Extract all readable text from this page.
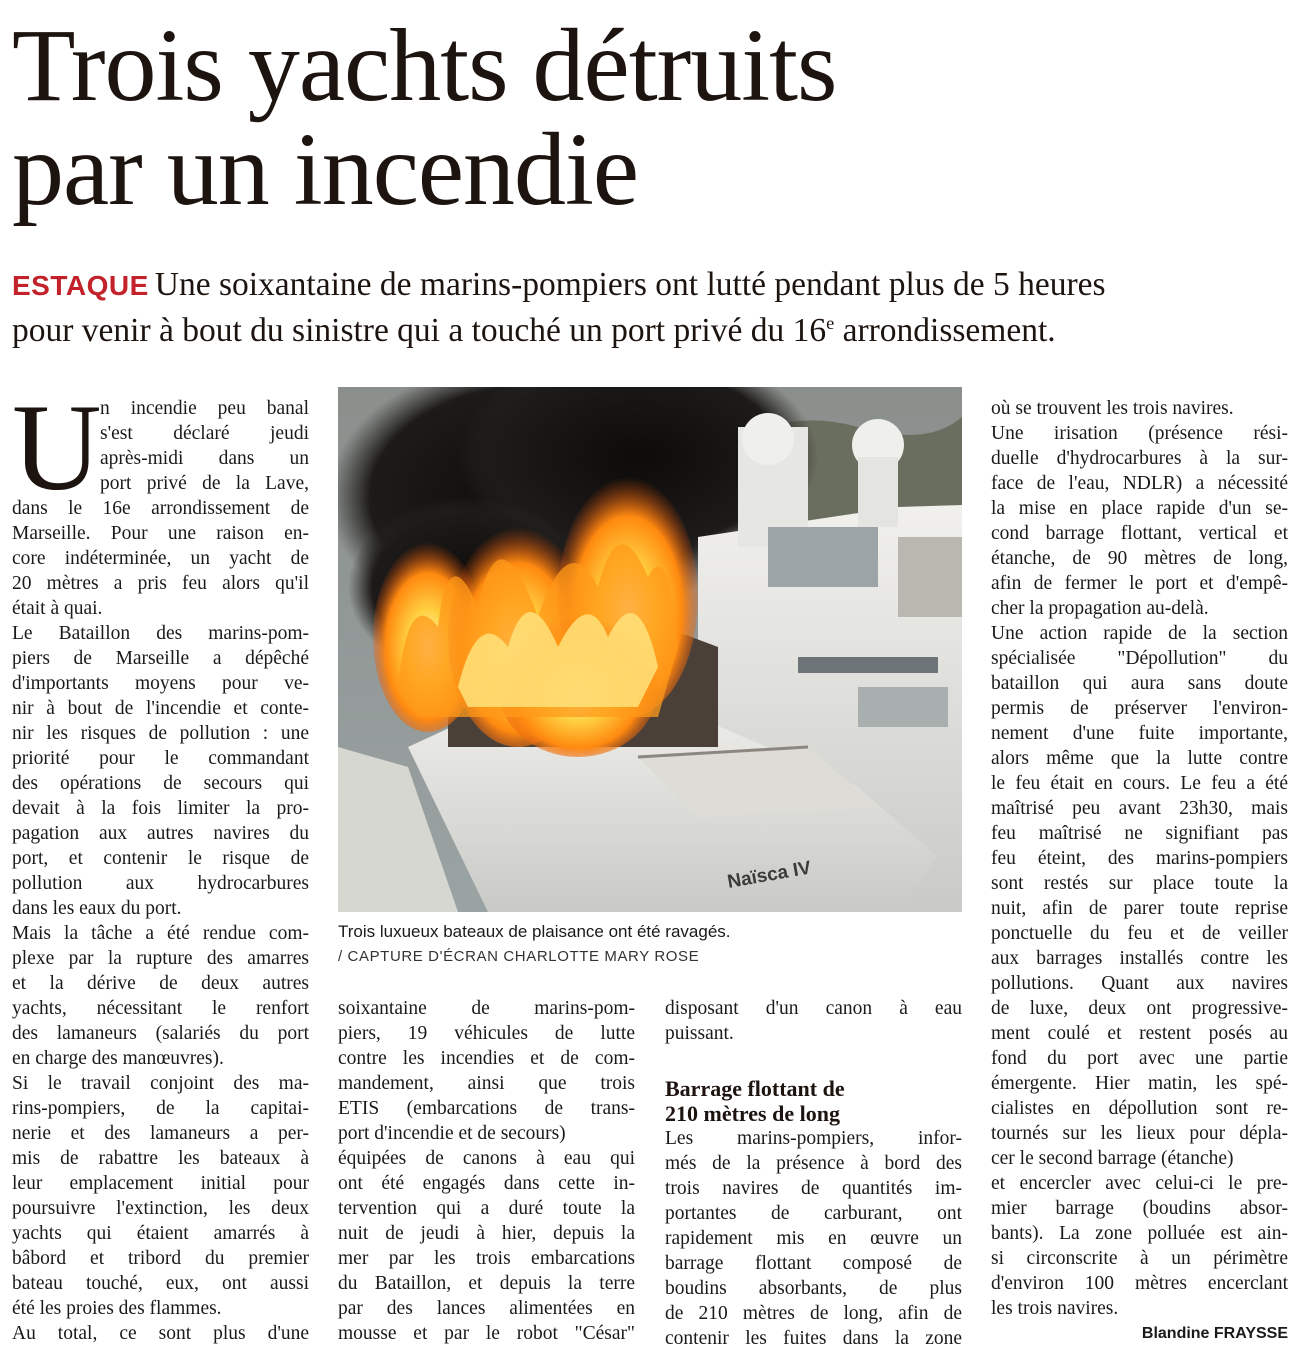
Trois yachts détruits
par un incendie
ESTAQUE Une soixantaine de marins-pompiers ont lutté pendant plus de 5 heures
pour venir à bout du sinistre qui a touché un port privé du 16e arrondissement.
U
n incendie peu banal
s'est déclaré jeudi
après-midi dans un
port privé de la Lave,
dans le 16e arrondissement de
Marseille. Pour une raison en-
core indéterminée, un yacht de
20 mètres a pris feu alors qu'il
était à quai.
Le Bataillon des marins-pom-
piers de Marseille a dépêché
d'importants moyens pour ve-
nir à bout de l'incendie et conte-
nir les risques de pollution : une
priorité pour le commandant
des opérations de secours qui
devait à la fois limiter la pro-
pagation aux autres navires du
port, et contenir le risque de
pollution aux hydrocarbures
dans les eaux du port.
Mais la tâche a été rendue com-
plexe par la rupture des amarres
et la dérive de deux autres
yachts, nécessitant le renfort
des lamaneurs (salariés du port
en charge des manœuvres).
Si le travail conjoint des ma-
rins-pompiers, de la capitai-
nerie et des lamaneurs a per-
mis de rabattre les bateaux à
leur emplacement initial pour
poursuivre l'extinction, les deux
yachts qui étaient amarrés à
bâbord et tribord du premier
bateau touché, eux, ont aussi
été les proies des flammes.
Au total, ce sont plus d'une
soixantaine de marins-pom-
piers, 19 véhicules de lutte
contre les incendies et de com-
mandement, ainsi que trois
ETIS (embarcations de trans-
port d'incendie et de secours)
équipées de canons à eau qui
ont été engagés dans cette in-
tervention qui a duré toute la
nuit de jeudi à hier, depuis la
mer par les trois embarcations
du Bataillon, et depuis la terre
par des lances alimentées en
mousse et par le robot "César"
disposant d'un canon à eau
puissant.
Barrage flottant de
210 mètres de long
Les marins-pompiers, infor-
més de la présence à bord des
trois navires de quantités im-
portantes de carburant, ont
rapidement mis en œuvre un
barrage flottant composé de
boudins absorbants, de plus
de 210 mètres de long, afin de
contenir les fuites dans la zone
où se trouvent les trois navires.
Une irisation (présence rési-
duelle d'hydrocarbures à la sur-
face de l'eau, NDLR) a nécessité
la mise en place rapide d'un se-
cond barrage flottant, vertical et
étanche, de 90 mètres de long,
afin de fermer le port et d'empê-
cher la propagation au-delà.
Une action rapide de la section
spécialisée "Dépollution" du
bataillon qui aura sans doute
permis de préserver l'environ-
nement d'une fuite importante,
alors même que la lutte contre
le feu était en cours. Le feu a été
maîtrisé peu avant 23h30, mais
feu maîtrisé ne signifiant pas
feu éteint, des marins-pompiers
sont restés sur place toute la
nuit, afin de parer toute reprise
ponctuelle du feu et de veiller
aux barrages installés contre les
pollutions. Quant aux navires
de luxe, deux ont progressive-
ment coulé et restent posés au
fond du port avec une partie
émergente. Hier matin, les spé-
cialistes en dépollution sont re-
tournés sur les lieux pour dépla-
cer le second barrage (étanche)
et encercler avec celui-ci le pre-
mier barrage (boudins absor-
bants). La zone polluée est ain-
si circonscrite à un périmètre
d'environ 100 mètres encerclant
les trois navires.
Naïsca IV
Trois luxueux bateaux de plaisance ont été ravagés.
/ CAPTURE D'ÉCRAN CHARLOTTE MARY ROSE
Blandine FRAYSSE
